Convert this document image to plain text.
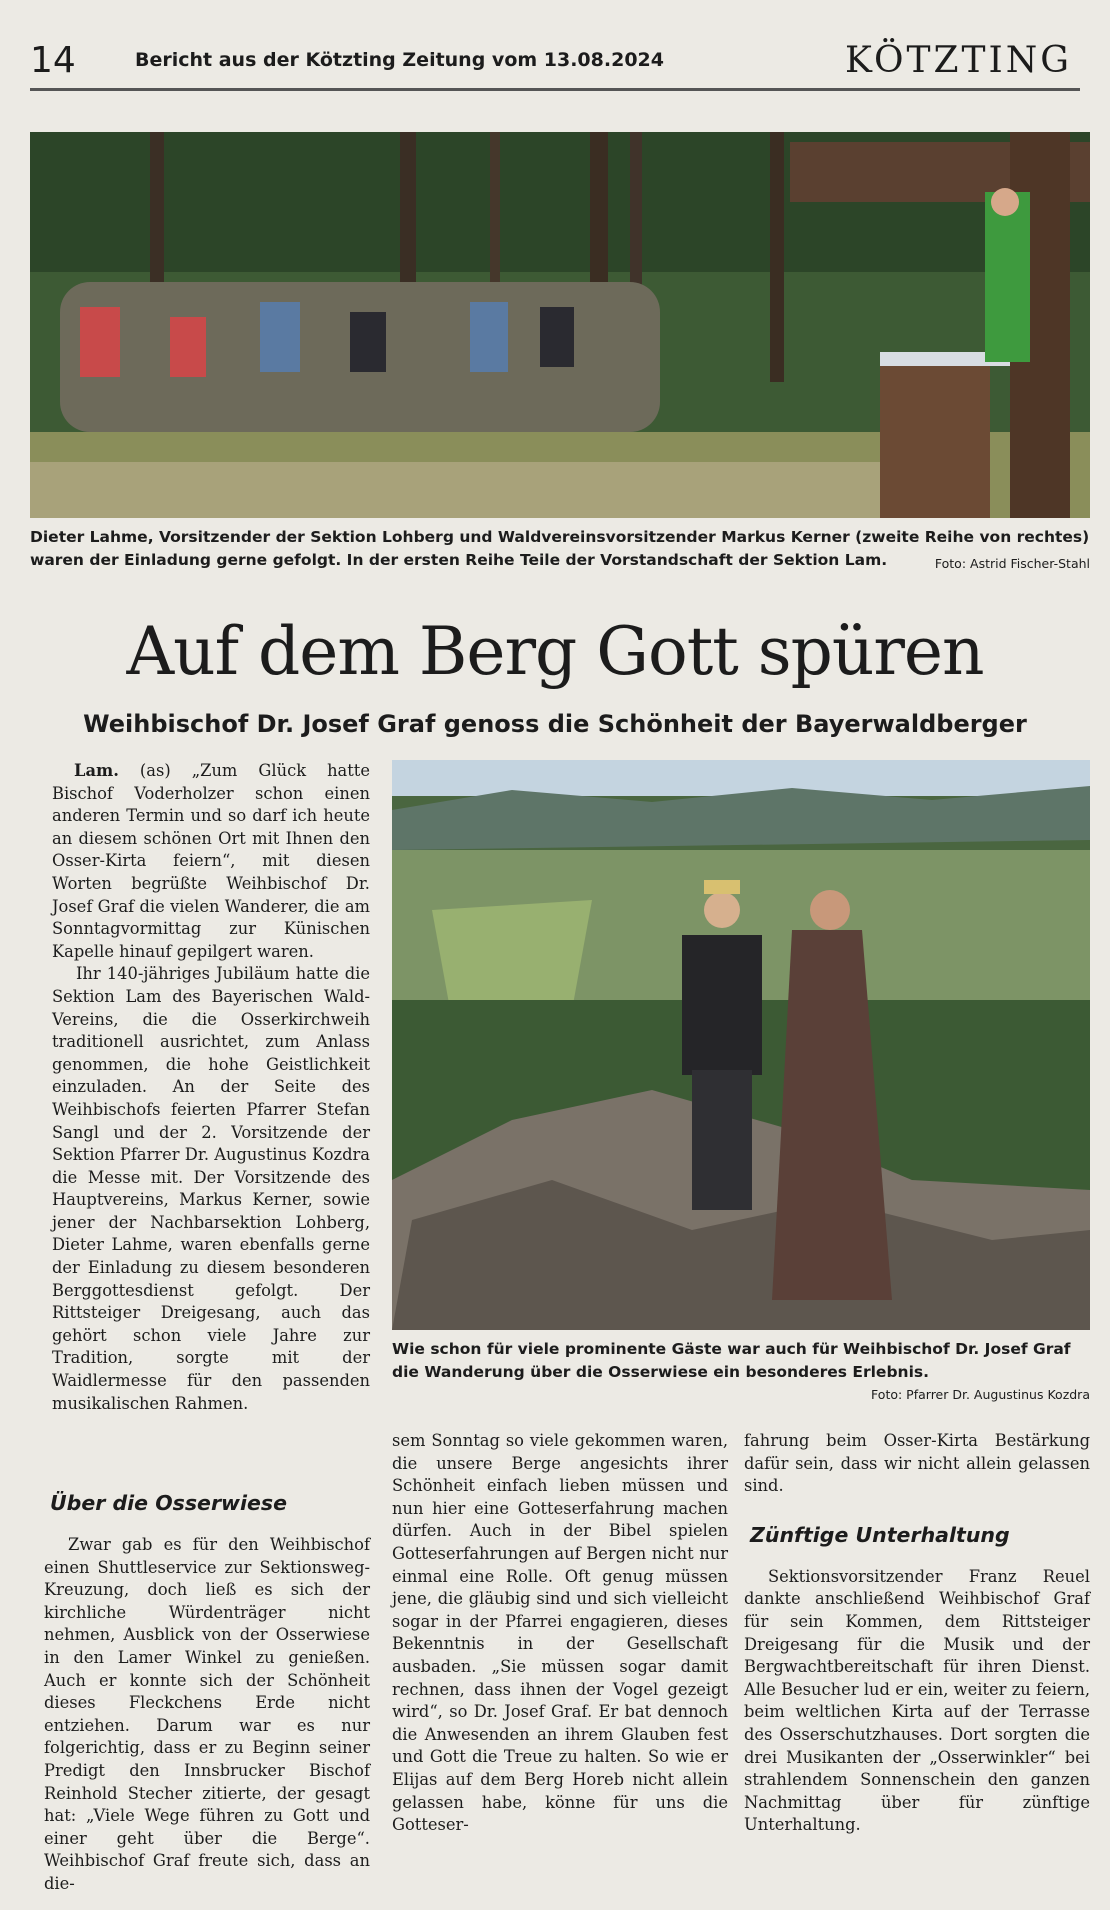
14	Bericht aus der Kötzting Zeitung vom 13.08.2024	KÖTZTING
Dieter Lahme, Vorsitzender der Sektion Lohberg und Waldvereinsvorsitzender Markus Kerner (zweite Reihe von rechtes) waren der Einladung gerne gefolgt. In der ersten Reihe Teile der Vorstandschaft der Sektion Lam.	Foto: Astrid Fischer-Stahl
Auf dem Berg Gott spüren
Weihbischof Dr. Josef Graf genoss die Schönheit der Bayerwaldberger

Lam. (as) „Zum Glück hatte Bischof Voderholzer schon einen anderen Termin und so darf ich heute an diesem schönen Ort mit Ihnen den Osser-Kirta feiern“, mit diesen Worten begrüßte Weihbischof Dr. Josef Graf die vielen Wanderer, die am Sonntagvormittag zur Künischen Kapelle hinauf gepilgert waren.

Ihr 140-jähriges Jubiläum hatte die Sektion Lam des Bayerischen Wald-Vereins, die die Osserkirchweih traditionell ausrichtet, zum Anlass genommen, die hohe Geistlichkeit einzuladen. An der Seite des Weihbischofs feierten Pfarrer Stefan Sangl und der 2. Vorsitzende der Sektion Pfarrer Dr. Augustinus Kozdra die Messe mit. Der Vorsitzende des Hauptvereins, Markus Kerner, sowie jener der Nachbarsektion Lohberg, Dieter Lahme, waren ebenfalls gerne der Einladung zu diesem besonderen Berggottesdienst gefolgt. Der Rittsteiger Dreigesang, auch das gehört schon viele Jahre zur Tradition, sorgte mit der Waidlermesse für den passenden musikalischen Rahmen.

Wie schon für viele prominente Gäste war auch für Weihbischof Dr. Josef Graf die Wanderung über die Osserwiese ein besonderes Erlebnis.
Foto: Pfarrer Dr. Augustinus Kozdra
Über die Osserwiese

Zwar gab es für den Weihbischof einen Shuttleservice zur Sektionsweg-Kreuzung, doch ließ es sich der kirchliche Würdenträger nicht nehmen, Ausblick von der Osserwiese in den Lamer Winkel zu genießen. Auch er konnte sich der Schönheit dieses Fleckchens Erde nicht entziehen. Darum war es nur folgerichtig, dass er zu Beginn seiner Predigt den Innsbrucker Bischof Reinhold Stecher zitierte, der gesagt hat: „Viele Wege führen zu Gott und einer geht über die Berge“. Weihbischof Graf freute sich, dass an die-

sem Sonntag so viele gekommen waren, die unsere Berge angesichts ihrer Schönheit einfach lieben müssen und nun hier eine Gotteserfahrung machen dürfen. Auch in der Bibel spielen Gotteserfahrungen auf Bergen nicht nur einmal eine Rolle. Oft genug müssen jene, die gläubig sind und sich vielleicht sogar in der Pfarrei engagieren, dieses Bekenntnis in der Gesellschaft ausbaden. „Sie müssen sogar damit rechnen, dass ihnen der Vogel gezeigt wird“, so Dr. Josef Graf. Er bat dennoch die Anwesenden an ihrem Glauben fest und Gott die Treue zu halten. So wie er Elijas auf dem Berg Horeb nicht allein gelassen habe, könne für uns die Gotteser-

fahrung beim Osser-Kirta Bestärkung dafür sein, dass wir nicht allein gelassen sind.

Zünftige Unterhaltung

Sektionsvorsitzender Franz Reuel dankte anschließend Weihbischof Graf für sein Kommen, dem Rittsteiger Dreigesang für die Musik und der Bergwachtbereitschaft für ihren Dienst. Alle Besucher lud er ein, weiter zu feiern, beim weltlichen Kirta auf der Terrasse des Osserschutzhauses. Dort sorgten die drei Musikanten der „Osserwinkler“ bei strahlendem Sonnenschein den ganzen Nachmittag über für zünftige Unterhaltung.
